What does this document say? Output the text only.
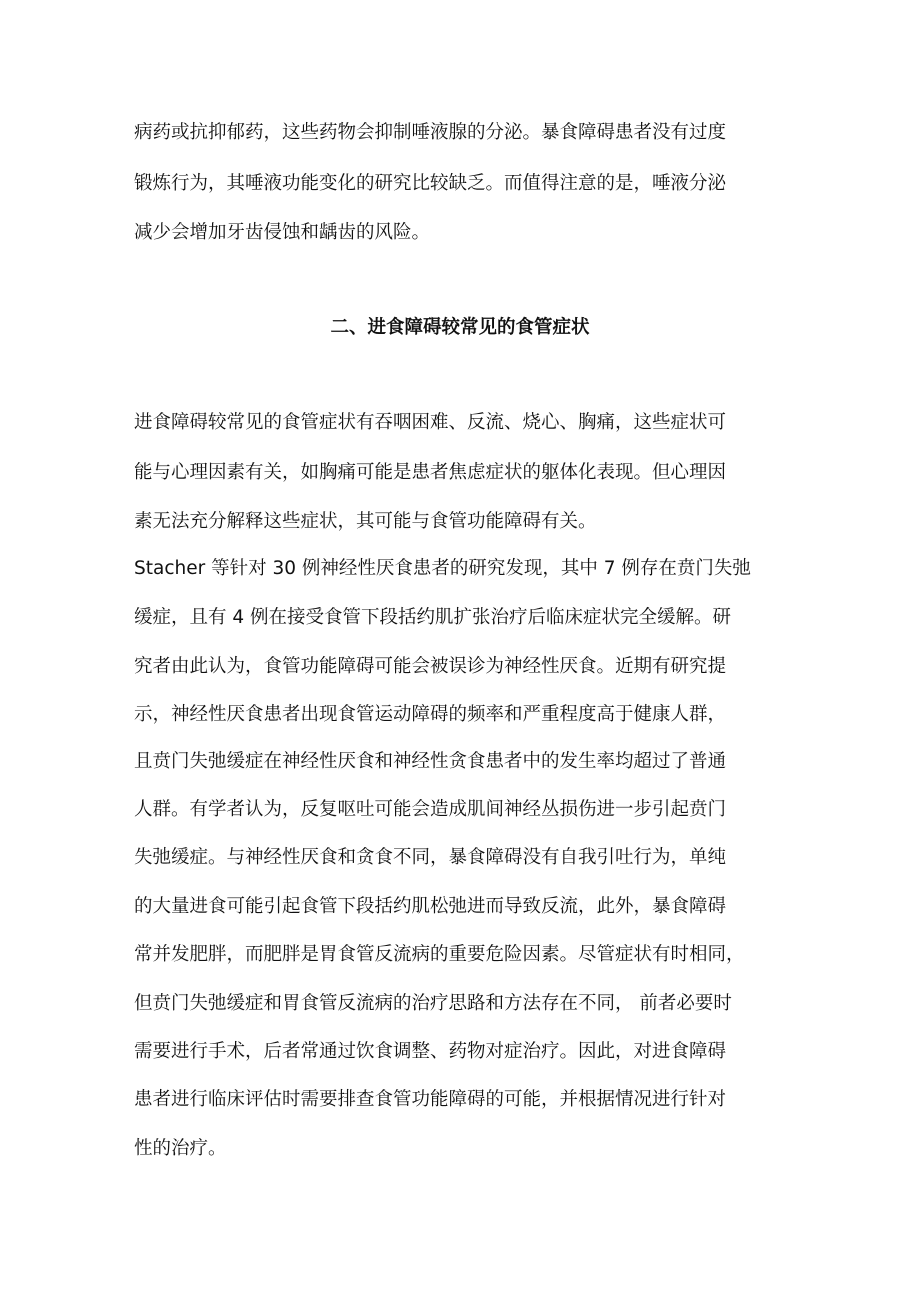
病药或抗抑郁药，这些药物会抑制唾液腺的分泌。暴食障碍患者没有过度
锻炼行为，其唾液功能变化的研究比较缺乏。而值得注意的是，唾液分泌
减少会增加牙齿侵蚀和龋齿的风险。
二、进食障碍较常见的食管症状
进食障碍较常见的食管症状有吞咽困难、反流、烧心、胸痛，这些症状可
能与心理因素有关，如胸痛可能是患者焦虑症状的躯体化表现。但心理因
素无法充分解释这些症状，其可能与食管功能障碍有关。
Stacher 等针对 30 例神经性厌食患者的研究发现，其中 7 例存在贲门失弛
缓症，且有 4 例在接受食管下段括约肌扩张治疗后临床症状完全缓解。研
究者由此认为，食管功能障碍可能会被误诊为神经性厌食。近期有研究提
示，神经性厌食患者出现食管运动障碍的频率和严重程度高于健康人群，
且贲门失弛缓症在神经性厌食和神经性贪食患者中的发生率均超过了普通
人群。有学者认为，反复呕吐可能会造成肌间神经丛损伤进一步引起贲门
失弛缓症。与神经性厌食和贪食不同，暴食障碍没有自我引吐行为，单纯
的大量进食可能引起食管下段括约肌松弛进而导致反流，此外，暴食障碍
常并发肥胖，而肥胖是胃食管反流病的重要危险因素。尽管症状有时相同，
但贲门失弛缓症和胃食管反流病的治疗思路和方法存在不同， 前者必要时
需要进行手术，后者常通过饮食调整、药物对症治疗。因此，对进食障碍
患者进行临床评估时需要排查食管功能障碍的可能，并根据情况进行针对
性的治疗。
